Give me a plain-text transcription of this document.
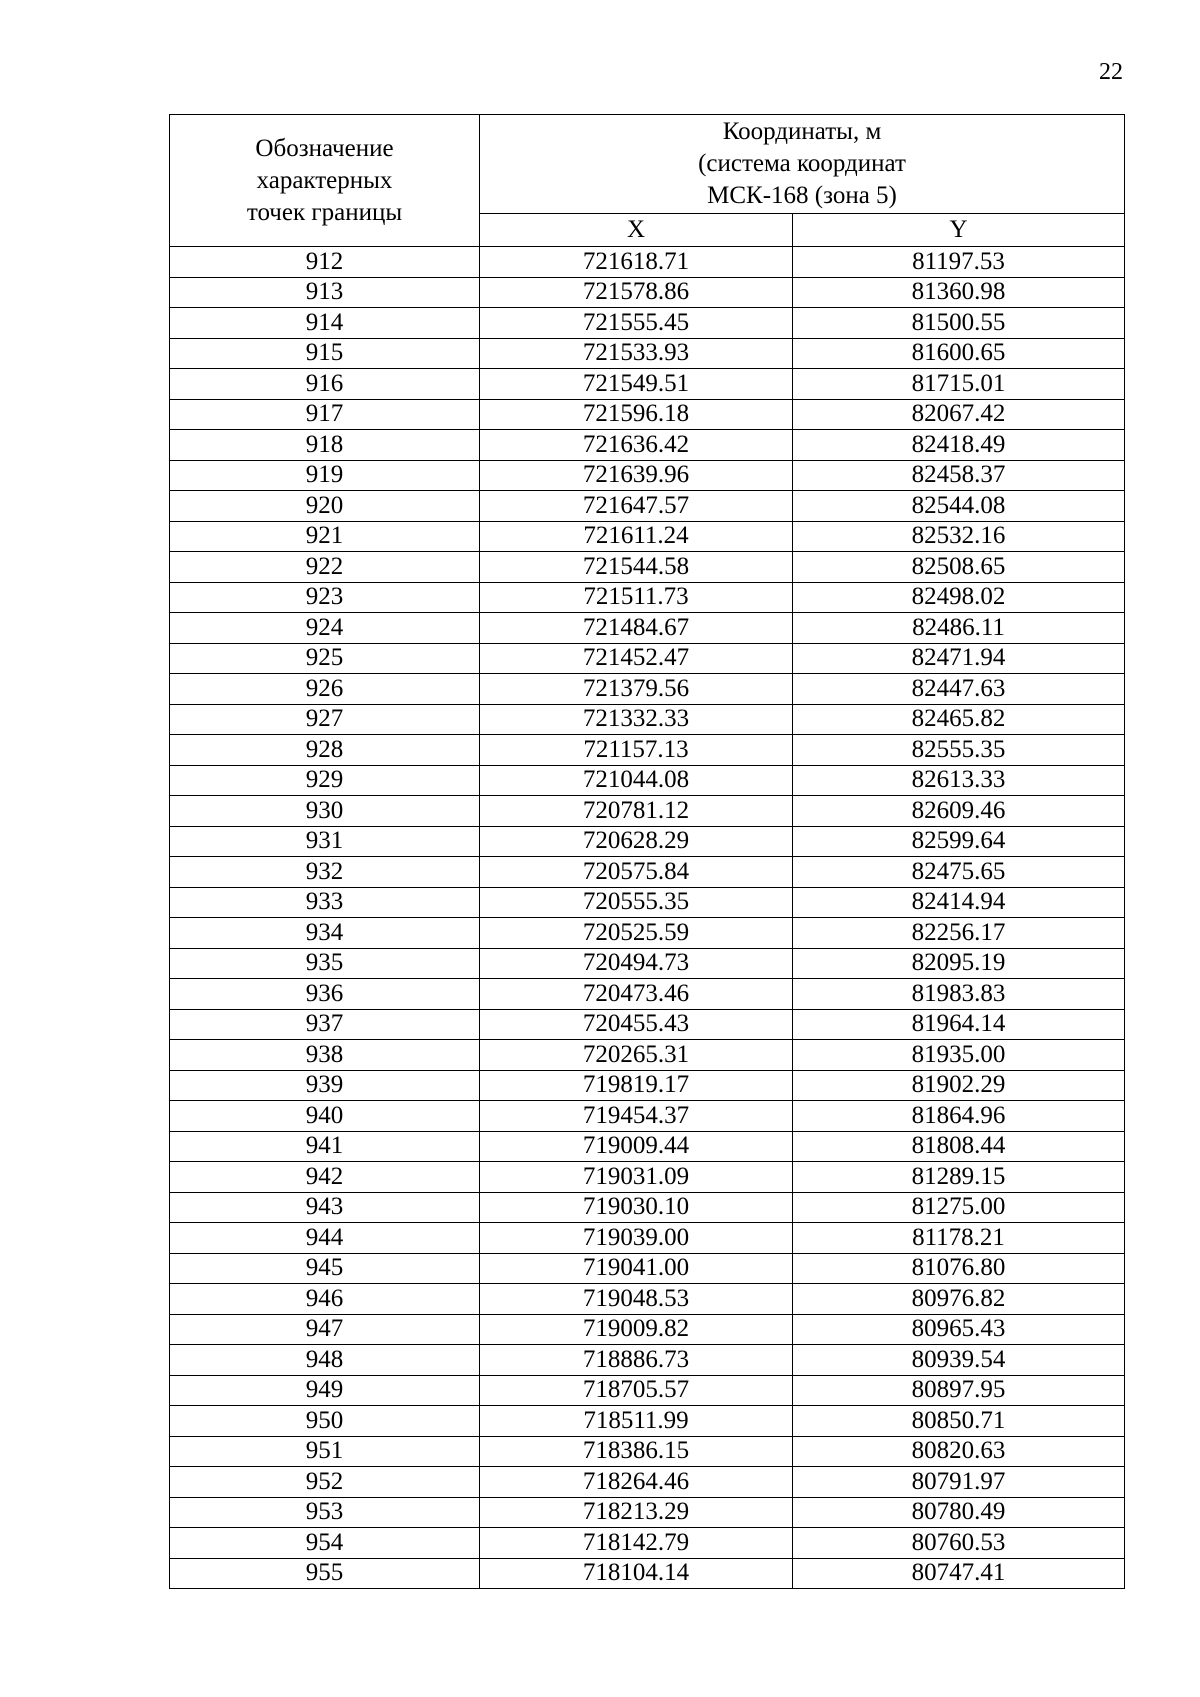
22
Обозначение
характерных
точек границы	Координаты, м
(система координат
МСК-168 (зона 5)	

	X	Y
912	721618.71	81197.53
913	721578.86	81360.98
914	721555.45	81500.55
915	721533.93	81600.65
916	721549.51	81715.01
917	721596.18	82067.42
918	721636.42	82418.49
919	721639.96	82458.37
920	721647.57	82544.08
921	721611.24	82532.16
922	721544.58	82508.65
923	721511.73	82498.02
924	721484.67	82486.11
925	721452.47	82471.94
926	721379.56	82447.63
927	721332.33	82465.82
928	721157.13	82555.35
929	721044.08	82613.33
930	720781.12	82609.46
931	720628.29	82599.64
932	720575.84	82475.65
933	720555.35	82414.94
934	720525.59	82256.17
935	720494.73	82095.19
936	720473.46	81983.83
937	720455.43	81964.14
938	720265.31	81935.00
939	719819.17	81902.29
940	719454.37	81864.96
941	719009.44	81808.44
942	719031.09	81289.15
943	719030.10	81275.00
944	719039.00	81178.21
945	719041.00	81076.80
946	719048.53	80976.82
947	719009.82	80965.43
948	718886.73	80939.54
949	718705.57	80897.95
950	718511.99	80850.71
951	718386.15	80820.63
952	718264.46	80791.97
953	718213.29	80780.49
954	718142.79	80760.53
955	718104.14	80747.41
